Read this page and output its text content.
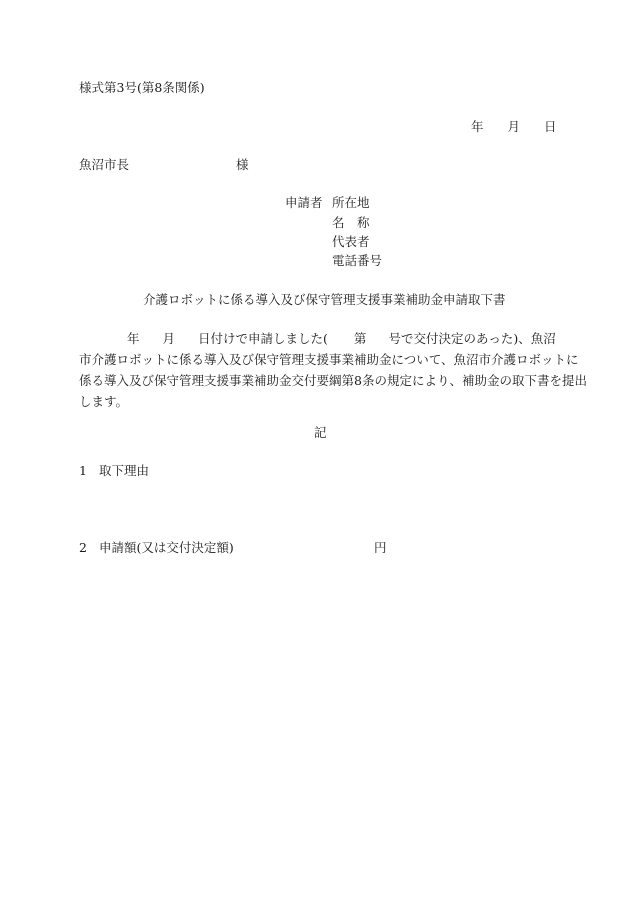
様式第3号(第8条関係)
年 月 日
魚沼市長	様
申請者 所在地
名　称
代表者
電話番号
介護ロボットに係る導入及び保守管理支援事業補助金申請取下書
年 月 日付けで申請しました( 第 号で交付決定のあった)、魚沼
市介護ロボットに係る導入及び保守管理支援事業補助金について、魚沼市介護ロボットに
係る導入及び保守管理支援事業補助金交付要綱第8条の規定により、補助金の取下書を提出
します。
記
1 取下理由
2 申請額(又は交付決定額)	円
